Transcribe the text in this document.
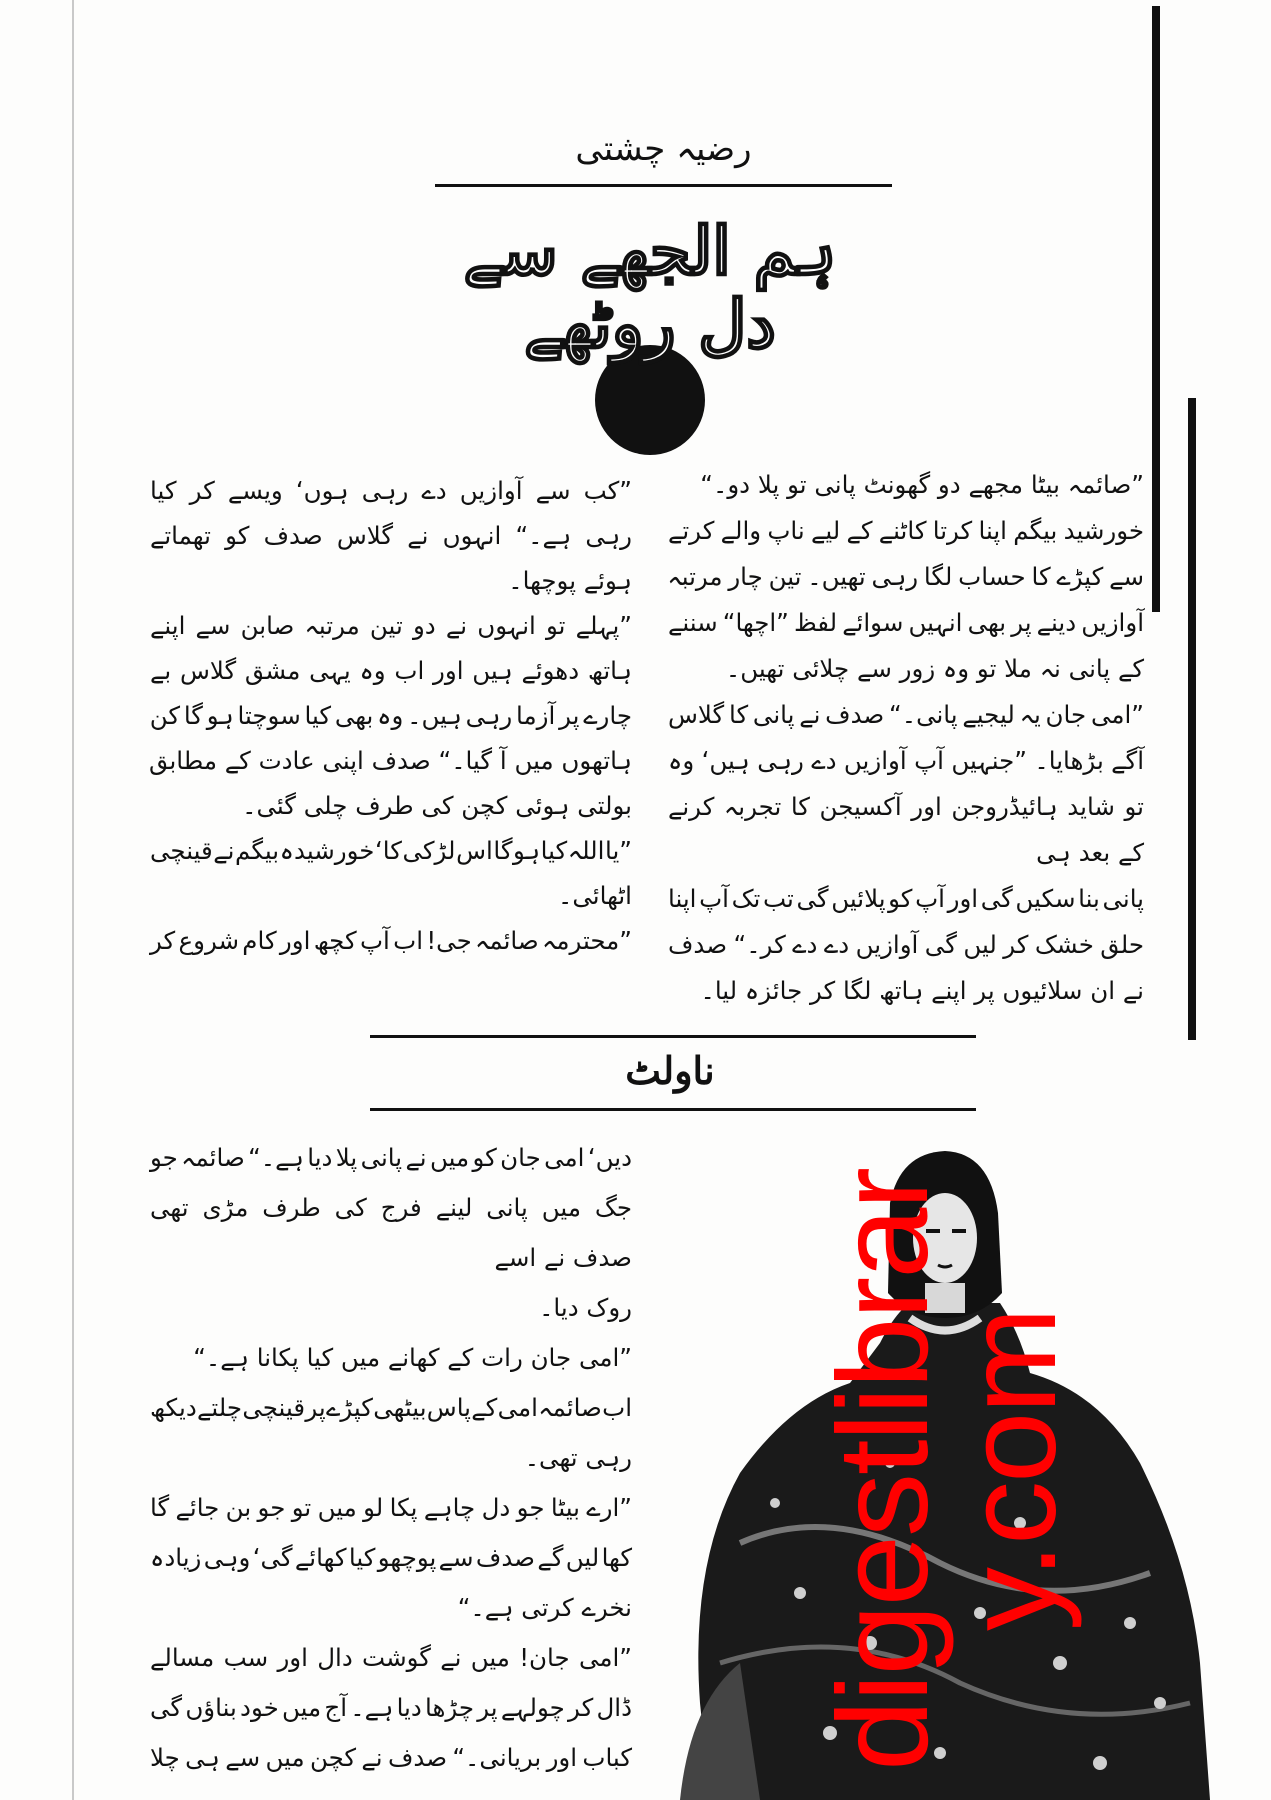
رضیہ چشتی
ہم الجھے سے دل روٹھے
”صائمہ بیٹا مجھے دو گھونٹ پانی تو پلا دو۔“
خورشید بیگم اپنا کرتا کاٹنے کے لیے ناپ والے کرتے
سے کپڑے کا حساب لگا رہی تھیں۔ تین چار مرتبہ
آوازیں دینے پر بھی انہیں سوائے لفظ ”اچھا“ سننے
کے پانی نہ ملا تو وہ زور سے چلائی تھیں۔
”امی جان یہ لیجیے پانی۔“ صدف نے پانی کا گلاس
آگے بڑھایا۔ ”جنہیں آپ آوازیں دے رہی ہیں‘ وہ
تو شاید ہائیڈروجن اور آکسیجن کا تجربہ کرنے کے بعد ہی
پانی بنا سکیں گی اور آپ کو پلائیں گی تب تک آپ اپنا
حلق خشک کر لیں گی آوازیں دے دے کر۔“ صدف
نے ان سلائیوں پر اپنے ہاتھ لگا کر جائزہ لیا۔
”کب سے آوازیں دے رہی ہوں‘ ویسے کر کیا
رہی ہے۔“ انہوں نے گلاس صدف کو تھماتے
ہوئے پوچھا۔
”پہلے تو انہوں نے دو تین مرتبہ صابن سے اپنے
ہاتھ دھوئے ہیں اور اب وہ یہی مشق گلاس بے
چارے پر آزما رہی ہیں۔ وہ بھی کیا سوچتا ہو گا کن
ہاتھوں میں آ گیا۔“ صدف اپنی عادت کے مطابق
بولتی ہوئی کچن کی طرف چلی گئی۔
”یا اللہ کیا ہو گا اس لڑکی کا‘ خورشیدہ بیگم نے قینچی
اٹھائی۔
”محترمہ صائمہ جی! اب آپ کچھ اور کام شروع کر
ناولٹ
دیں‘ امی جان کو میں نے پانی پلا دیا ہے۔“ صائمہ جو
جگ میں پانی لینے فرج کی طرف مڑی تھی صدف نے اسے
روک دیا۔
”امی جان رات کے کھانے میں کیا پکانا ہے۔“
اب صائمہ امی کے پاس بیٹھی کپڑے پر قینچی چلتے دیکھ
رہی تھی۔
”ارے بیٹا جو دل چاہے پکا لو میں تو جو بن جائے گا
کھا لیں گے صدف سے پوچھو کیا کھائے گی‘ وہی زیادہ
نخرے کرتی ہے۔“
”امی جان! میں نے گوشت دال اور سب مسالے
ڈال کر چولہے پر چڑھا دیا ہے۔ آج میں خود بناؤں گی
کباب اور بریانی۔“ صدف نے کچن میں سے ہی چلا digestlibrary.com
